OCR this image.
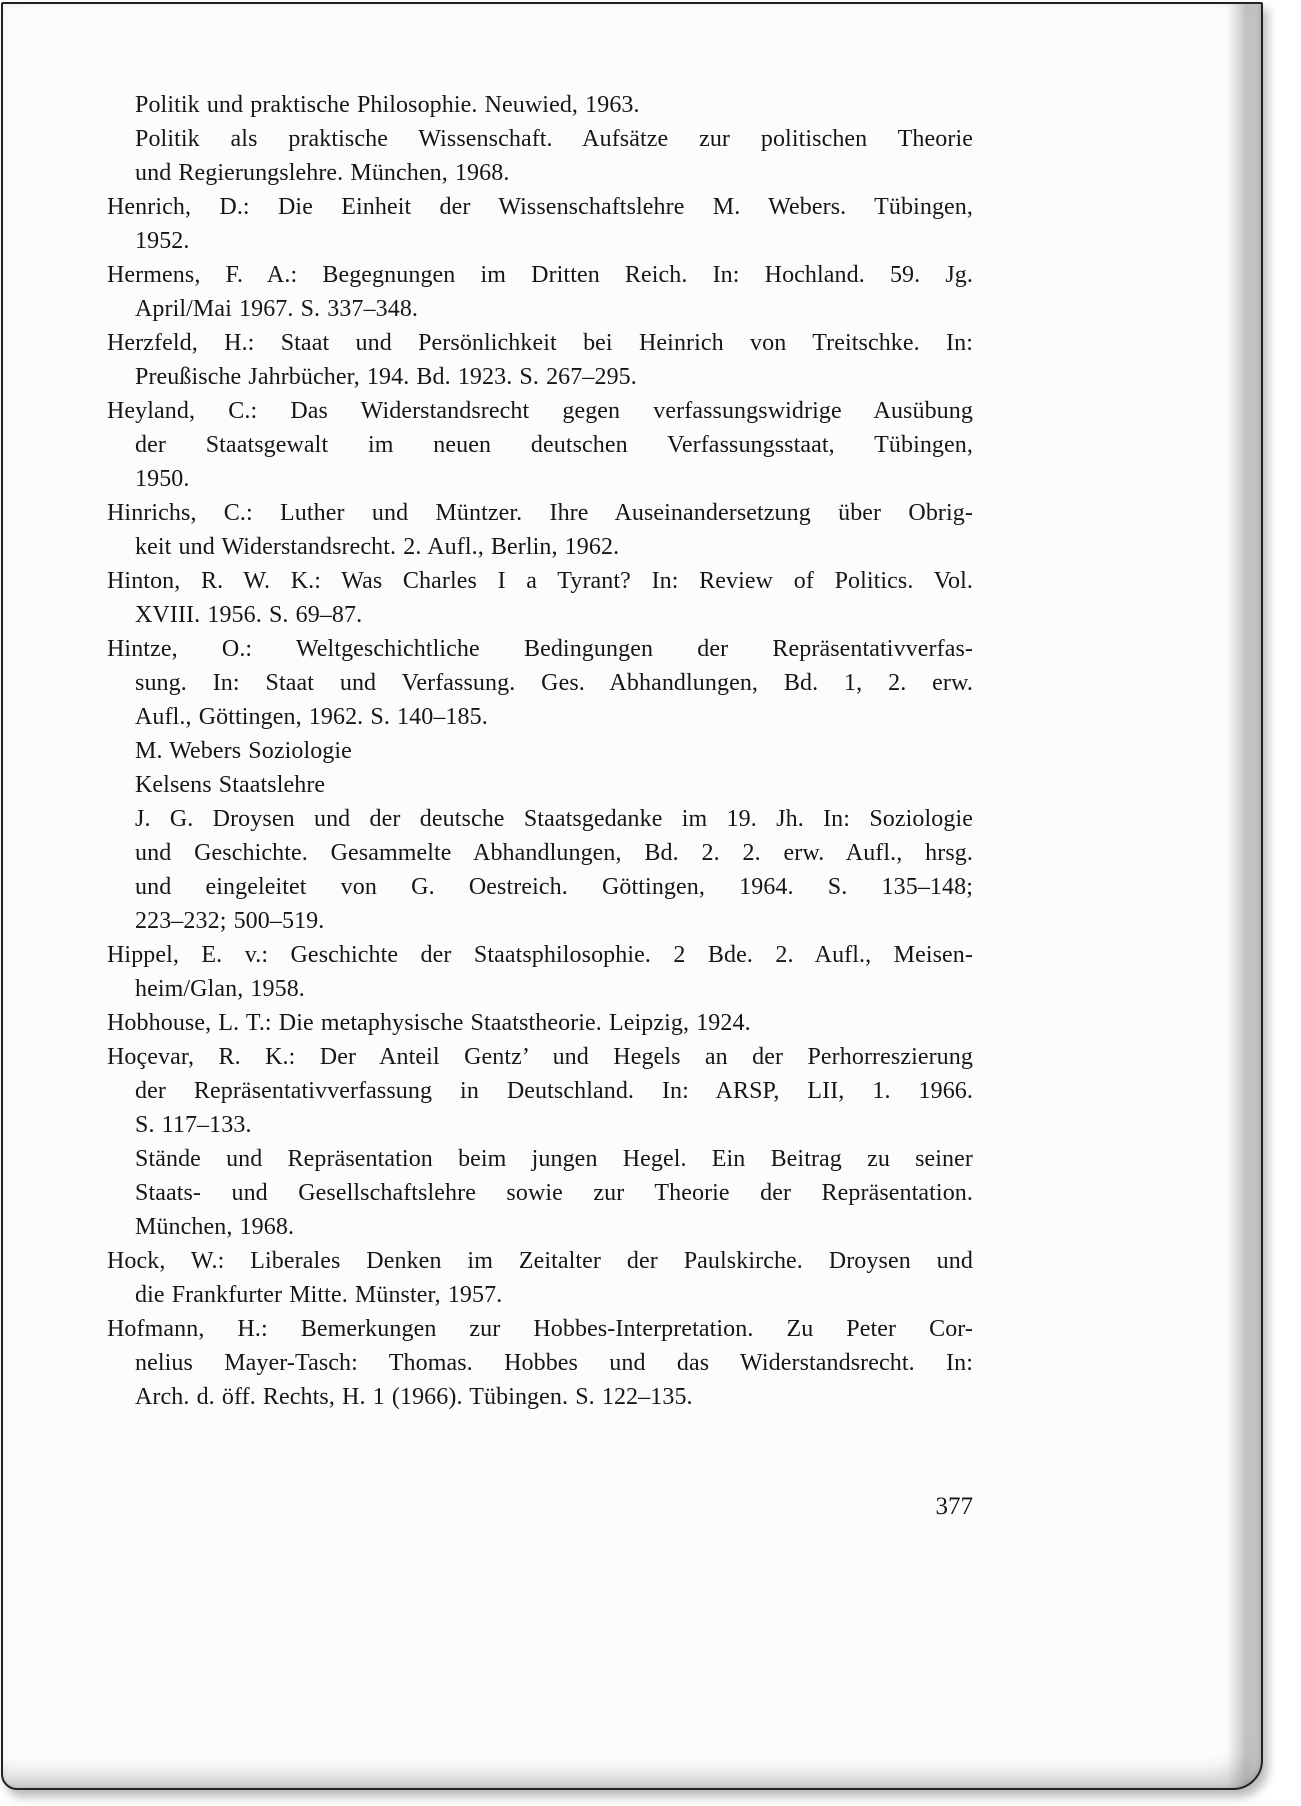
Politik und praktische Philosophie. Neuwied, 1963.
Politik als praktische Wissenschaft. Aufsätze zur politischen Theorie
und Regierungslehre. München, 1968.
Henrich, D.: Die Einheit der Wissenschaftslehre M. Webers. Tübingen,
1952.
Hermens, F. A.: Begegnungen im Dritten Reich. In: Hochland. 59. Jg.
April/Mai 1967. S. 337–348.
Herzfeld, H.: Staat und Persönlichkeit bei Heinrich von Treitschke. In:
Preußische Jahrbücher, 194. Bd. 1923. S. 267–295.
Heyland, C.: Das Widerstandsrecht gegen verfassungswidrige Ausübung
der Staatsgewalt im neuen deutschen Verfassungsstaat, Tübingen,
1950.
Hinrichs, C.: Luther und Müntzer. Ihre Auseinandersetzung über Obrig-
keit und Widerstandsrecht. 2. Aufl., Berlin, 1962.
Hinton, R. W. K.: Was Charles I a Tyrant? In: Review of Politics. Vol.
XVIII. 1956. S. 69–87.
Hintze, O.: Weltgeschichtliche Bedingungen der Repräsentativverfas-
sung. In: Staat und Verfassung. Ges. Abhandlungen, Bd. 1, 2. erw.
Aufl., Göttingen, 1962. S. 140–185.
M. Webers Soziologie
Kelsens Staatslehre
J. G. Droysen und der deutsche Staatsgedanke im 19. Jh. In: Soziologie
und Geschichte. Gesammelte Abhandlungen, Bd. 2. 2. erw. Aufl., hrsg.
und eingeleitet von G. Oestreich. Göttingen, 1964. S. 135–148;
223–232; 500–519.
Hippel, E. v.: Geschichte der Staatsphilosophie. 2 Bde. 2. Aufl., Meisen-
heim/Glan, 1958.
Hobhouse, L. T.: Die metaphysische Staatstheorie. Leipzig, 1924.
Hoçevar, R. K.: Der Anteil Gentz’ und Hegels an der Perhorreszierung
der Repräsentativverfassung in Deutschland. In: ARSP, LII, 1. 1966.
S. 117–133.
Stände und Repräsentation beim jungen Hegel. Ein Beitrag zu seiner
Staats- und Gesellschaftslehre sowie zur Theorie der Repräsentation.
München, 1968.
Hock, W.: Liberales Denken im Zeitalter der Paulskirche. Droysen und
die Frankfurter Mitte. Münster, 1957.
Hofmann, H.: Bemerkungen zur Hobbes-Interpretation. Zu Peter Cor-
nelius Mayer-Tasch: Thomas. Hobbes und das Widerstandsrecht. In:
Arch. d. öff. Rechts, H. 1 (1966). Tübingen. S. 122–135.
377
